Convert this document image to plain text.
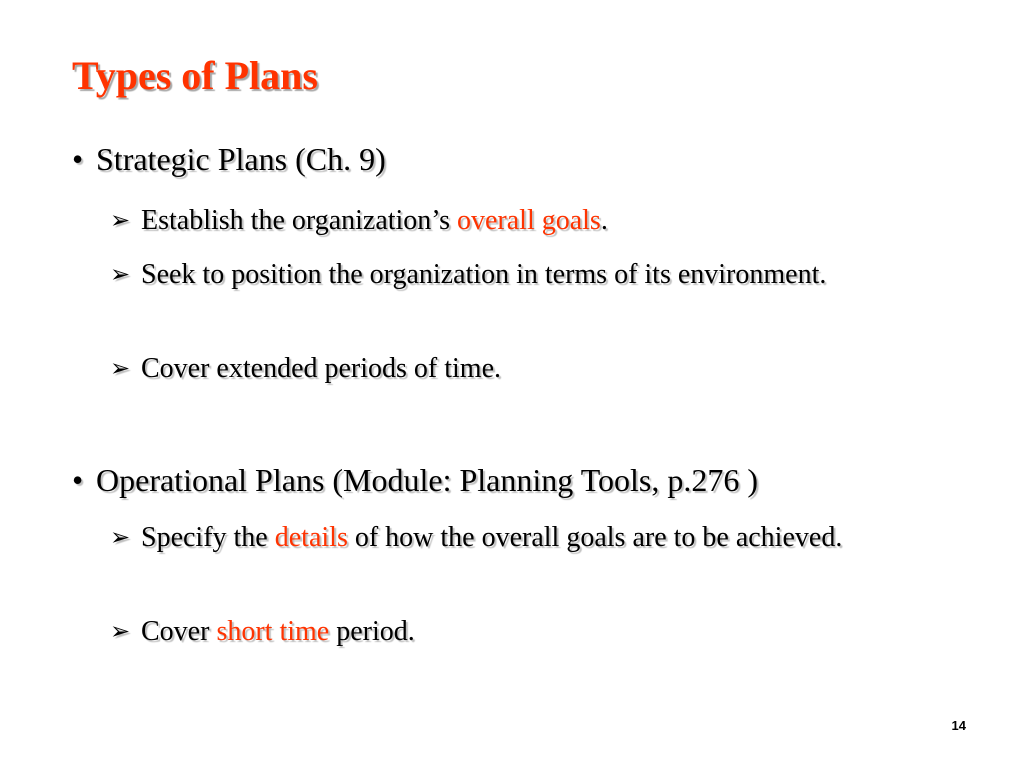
Types of Plans
• Strategic Plans (Ch. 9)
➢ Establish the organization’s overall goals.
➢ Seek to position the organization in terms of its environment.
➢ Cover extended periods of time.
• Operational Plans (Module: Planning Tools, p.276 )
➢ Specify the details of how the overall goals are to be achieved.
➢ Cover short time period.
14
